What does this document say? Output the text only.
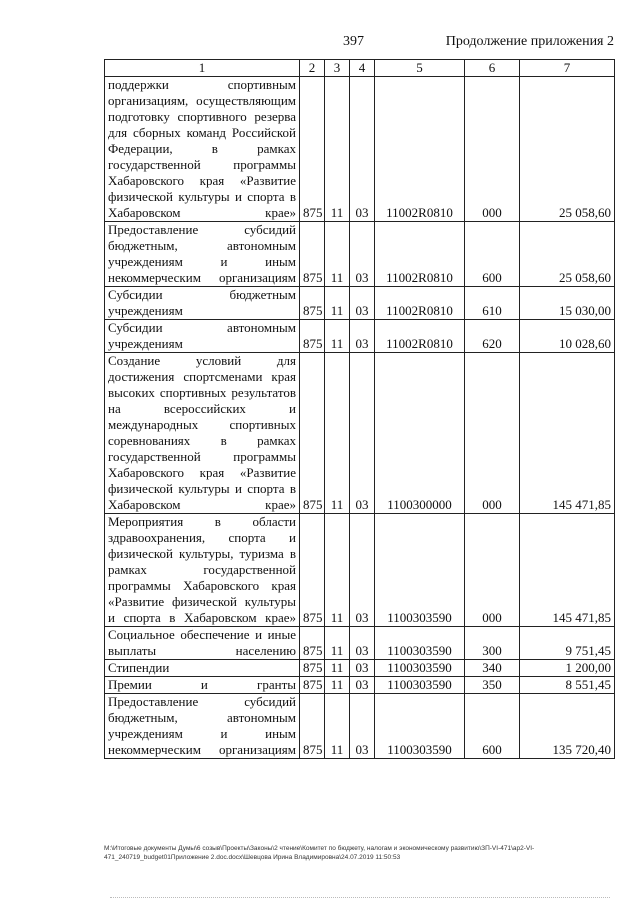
397	Продолжение приложения 2
1	2	3	4	5	6	7
поддержки спортивным организациям, осуществляющим подготовку спортивного резерва для сборных команд Российской Федерации, в рамках государственной программы Хабаровского края «Развитие физической культуры и спорта в Хабаровском крае»	875	11	03	11002R0810	000	25 058,60
Предоставление субсидий бюджетным, автономным учреждениям и иным некоммерческим организациям	875	11	03	11002R0810	600	25 058,60
Субсидии бюджетным учреждениям	875	11	03	11002R0810	610	15 030,00
Субсидии автономным учреждениям	875	11	03	11002R0810	620	10 028,60
Создание условий для достижения спортсменами края высоких спортивных результатов на всероссийских и международных спортивных соревнованиях в рамках государственной программы Хабаровского края «Развитие физической культуры и спорта в Хабаровском крае»	875	11	03	1100300000	000	145 471,85
Мероприятия в области здравоохранения, спорта и физической культуры, туризма в рамках государственной программы Хабаровского края «Развитие физической культуры и спорта в Хабаровском крае»	875	11	03	1100303590	000	145 471,85
Социальное обеспечение и иные выплаты населению	875	11	03	1100303590	300	9 751,45
Стипендии	875	11	03	1100303590	340	1 200,00
Премии и гранты	875	11	03	1100303590	350	8 551,45
Предоставление субсидий бюджетным, автономным учреждениям и иным некоммерческим организациям	875	11	03	1100303590	600	135 720,40
M:\Итоговые документы Думы\6 созыв\Проекты\Законы\2 чтение\Комитет по бюджету, налогам и экономическому развитию\ЗП-VI-471\ap2-VI-471_240719_budget01Приложение 2.doc.docx\Шевцова Ирина Владимировна\24.07.2019 11:50:53
